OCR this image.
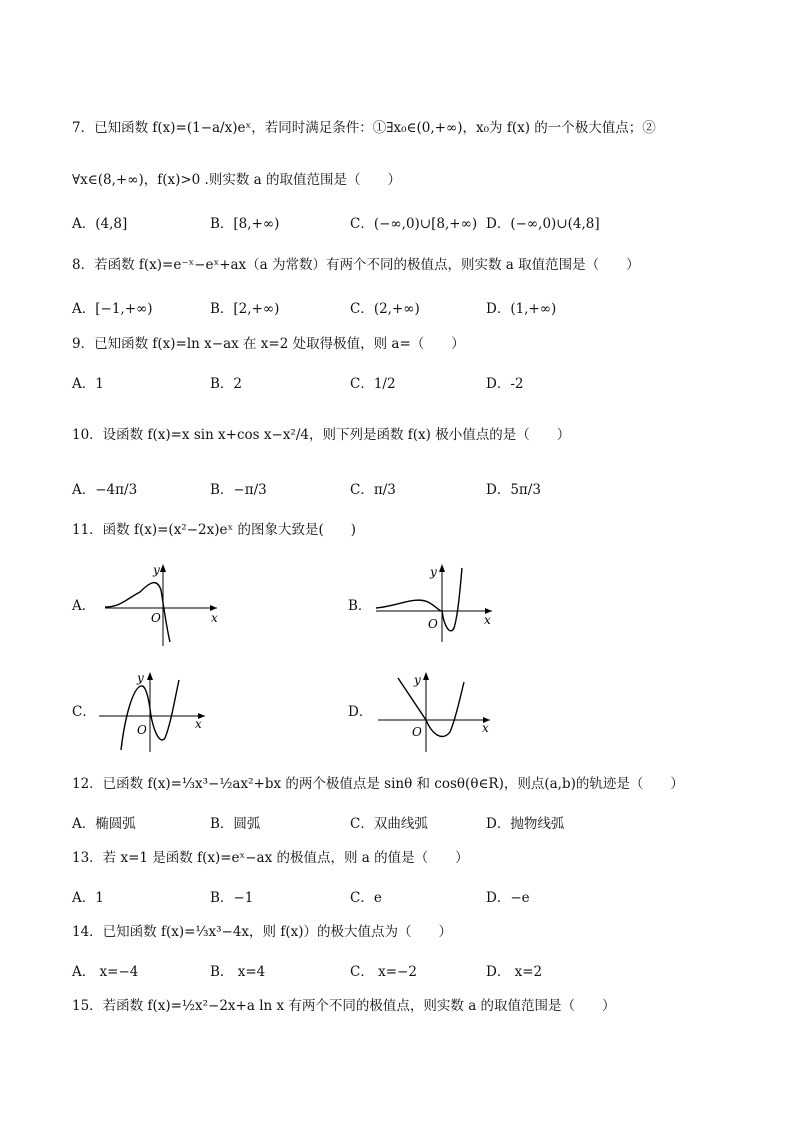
7．已知函数 f(x)=(1−a/x)eˣ，若同时满足条件：①∃x₀∈(0,+∞)，x₀为 f(x) 的一个极大值点；②
∀x∈(8,+∞)，f(x)>0 .则实数 a 的取值范围是（　　）
A．(4,8]	B．[8,+∞)	C．(−∞,0)∪[8,+∞) D．(−∞,0)∪(4,8]
8．若函数 f(x)=e⁻ˣ−eˣ+ax（a 为常数）有两个不同的极值点，则实数 a 取值范围是（　　）
A．[−1,+∞)	B．[2,+∞)	C．(2,+∞)	D．(1,+∞)
9．已知函数 f(x)=ln x−ax 在 x=2 处取得极值，则 a=（　　）
A．1	B．2	C．1/2	D．-2
10．设函数 f(x)=x sin x+cos x−x²/4，则下列是函数 f(x) 极小值点的是（　　）
A．−4π/3	B．−π/3	C．π/3	D．5π/3
11．函数 f(x)=(x²−2x)eˣ 的图象大致是(　　)
A．
y
x
O
B．
y
x
O
C．
y
x
O
D．
y
x
O
12．已函数 f(x)=⅓x³−½ax²+bx 的两个极值点是 sinθ 和 cosθ(θ∈R)，则点(a,b)的轨迹是（　　）
A．椭圆弧	B．圆弧	C．双曲线弧	D．抛物线弧
13．若 x=1 是函数 f(x)=eˣ−ax 的极值点，则 a 的值是（　　）
A．1	B．−1	C．e	D．−e
14．已知函数 f(x)=⅓x³−4x，则 f(x)）的极大值点为（　　）
A． x=−4	B． x=4	C． x=−2	D． x=2
15．若函数 f(x)=½x²−2x+a ln x 有两个不同的极值点，则实数 a 的取值范围是（　　）
